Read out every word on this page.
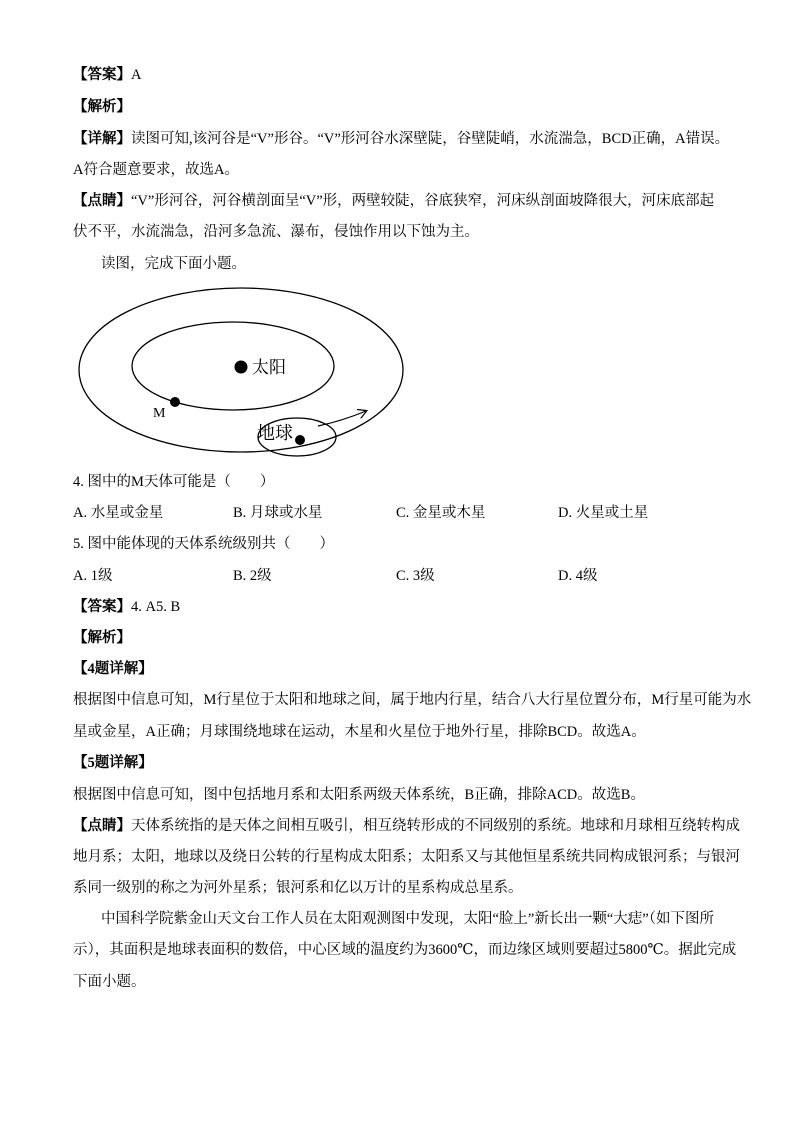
【答案】A
【解析】
【详解】读图可知,该河谷是“V”形谷。“V”形河谷水深壁陡，谷壁陡峭，水流湍急，BCD正确，A错误。
A符合题意要求，故选A。
【点睛】“V”形河谷，河谷横剖面呈“V”形，两壁较陡，谷底狭窄，河床纵剖面坡降很大，河床底部起
伏不平，水流湍急，沿河多急流、瀑布，侵蚀作用以下蚀为主。
读图，完成下面小题。
太阳
M
地球
4. 图中的M天体可能是（　　）
A. 水星或金星	B. 月球或水星	C. 金星或木星	D. 火星或土星
5. 图中能体现的天体系统级别共（　　）
A. 1级	B. 2级	C. 3级	D. 4级
【答案】4. A5. B
【解析】
【4题详解】
根据图中信息可知，M行星位于太阳和地球之间，属于地内行星，结合八大行星位置分布，M行星可能为水
星或金星，A正确；月球围绕地球在运动，木星和火星位于地外行星，排除BCD。故选A。
【5题详解】
根据图中信息可知，图中包括地月系和太阳系两级天体系统，B正确，排除ACD。故选B。
【点睛】天体系统指的是天体之间相互吸引，相互绕转形成的不同级别的系统。地球和月球相互绕转构成
地月系；太阳，地球以及绕日公转的行星构成太阳系；太阳系又与其他恒星系统共同构成银河系；与银河
系同一级别的称之为河外星系；银河系和亿以万计的星系构成总星系。
中国科学院紫金山天文台工作人员在太阳观测图中发现，太阳“脸上”新长出一颗“大痣”（如下图所
示），其面积是地球表面积的数倍，中心区域的温度约为3600℃，而边缘区域则要超过5800℃。据此完成
下面小题。
